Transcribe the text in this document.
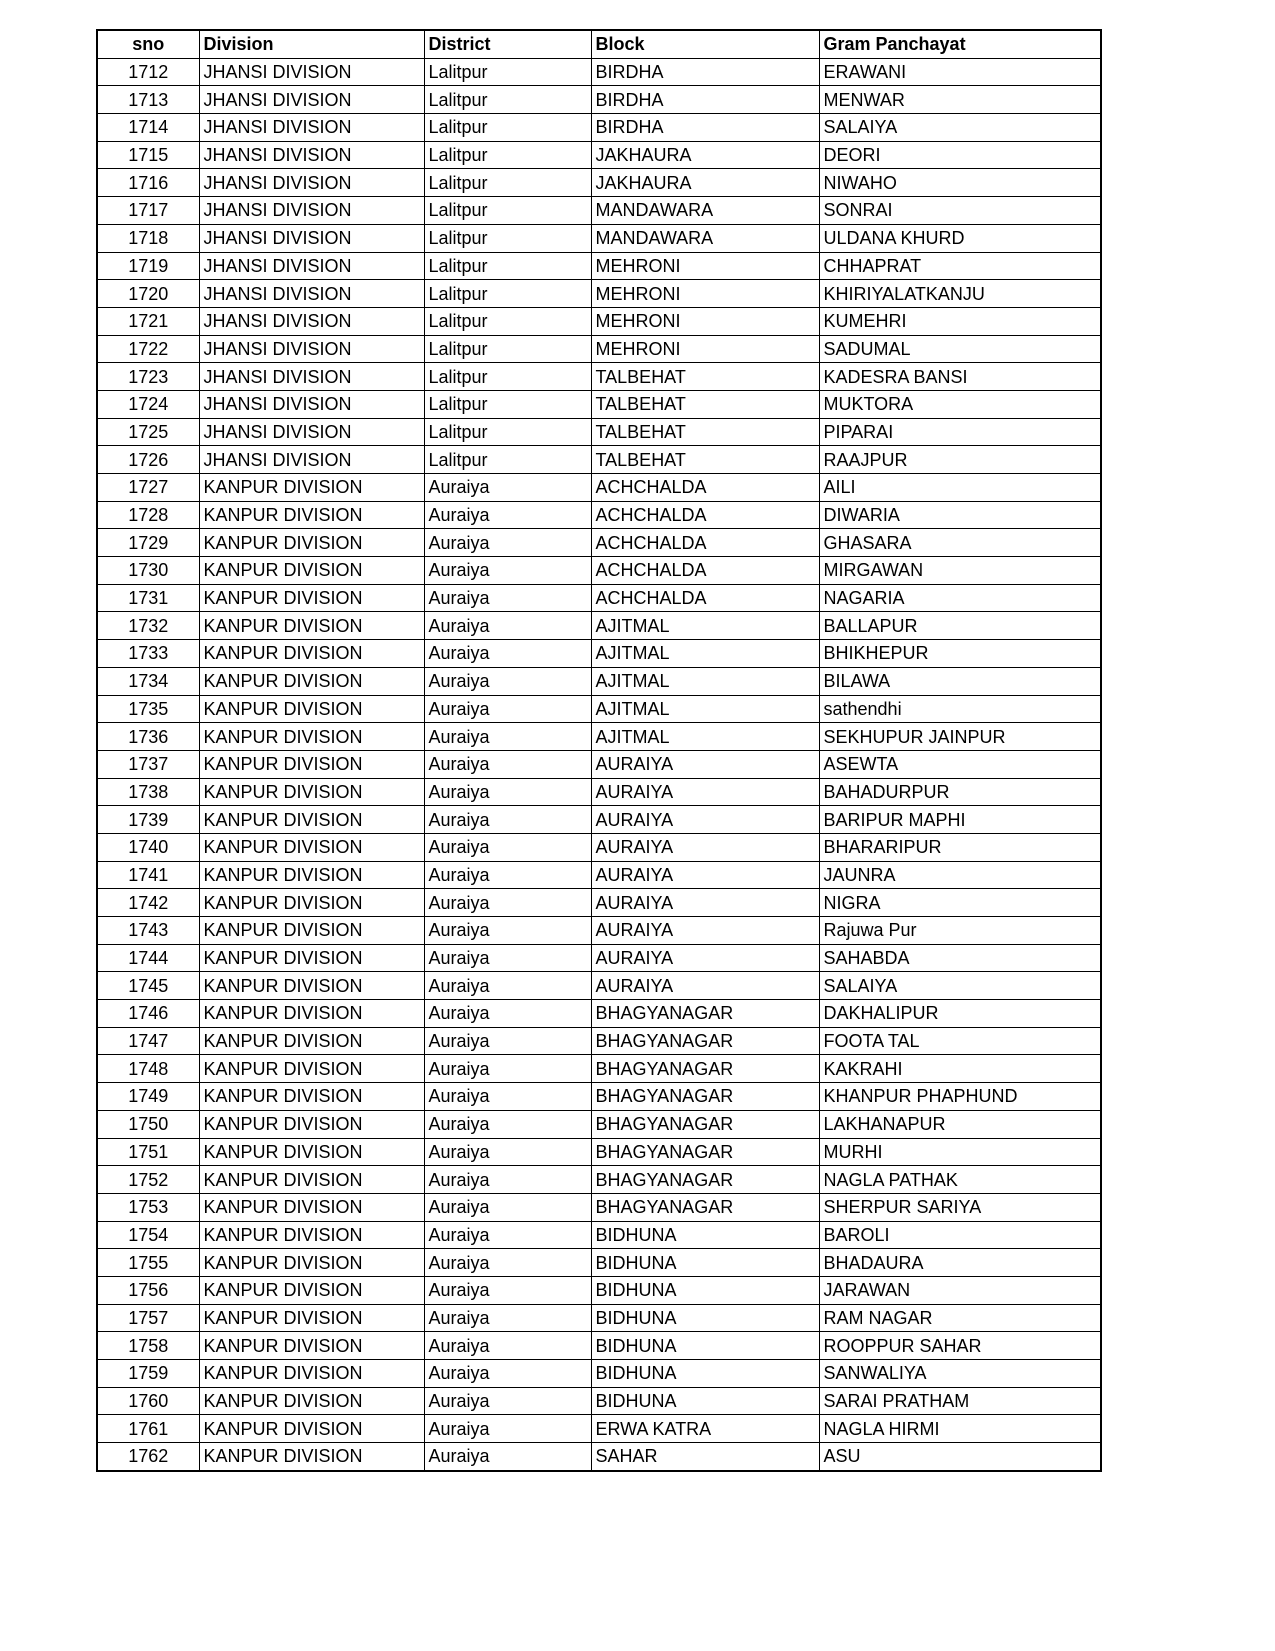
sno	Division	District	Block	Gram Panchayat
1712	JHANSI DIVISION	Lalitpur	BIRDHA	ERAWANI
1713	JHANSI DIVISION	Lalitpur	BIRDHA	MENWAR
1714	JHANSI DIVISION	Lalitpur	BIRDHA	SALAIYA
1715	JHANSI DIVISION	Lalitpur	JAKHAURA	DEORI
1716	JHANSI DIVISION	Lalitpur	JAKHAURA	NIWAHO
1717	JHANSI DIVISION	Lalitpur	MANDAWARA	SONRAI
1718	JHANSI DIVISION	Lalitpur	MANDAWARA	ULDANA KHURD
1719	JHANSI DIVISION	Lalitpur	MEHRONI	CHHAPRAT
1720	JHANSI DIVISION	Lalitpur	MEHRONI	KHIRIYALATKANJU
1721	JHANSI DIVISION	Lalitpur	MEHRONI	KUMEHRI
1722	JHANSI DIVISION	Lalitpur	MEHRONI	SADUMAL
1723	JHANSI DIVISION	Lalitpur	TALBEHAT	KADESRA BANSI
1724	JHANSI DIVISION	Lalitpur	TALBEHAT	MUKTORA
1725	JHANSI DIVISION	Lalitpur	TALBEHAT	PIPARAI
1726	JHANSI DIVISION	Lalitpur	TALBEHAT	RAAJPUR
1727	KANPUR DIVISION	Auraiya	ACHCHALDA	AILI
1728	KANPUR DIVISION	Auraiya	ACHCHALDA	DIWARIA
1729	KANPUR DIVISION	Auraiya	ACHCHALDA	GHASARA
1730	KANPUR DIVISION	Auraiya	ACHCHALDA	MIRGAWAN
1731	KANPUR DIVISION	Auraiya	ACHCHALDA	NAGARIA
1732	KANPUR DIVISION	Auraiya	AJITMAL	BALLAPUR
1733	KANPUR DIVISION	Auraiya	AJITMAL	BHIKHEPUR
1734	KANPUR DIVISION	Auraiya	AJITMAL	BILAWA
1735	KANPUR DIVISION	Auraiya	AJITMAL	sathendhi
1736	KANPUR DIVISION	Auraiya	AJITMAL	SEKHUPUR JAINPUR
1737	KANPUR DIVISION	Auraiya	AURAIYA	ASEWTA
1738	KANPUR DIVISION	Auraiya	AURAIYA	BAHADURPUR
1739	KANPUR DIVISION	Auraiya	AURAIYA	BARIPUR MAPHI
1740	KANPUR DIVISION	Auraiya	AURAIYA	BHARARIPUR
1741	KANPUR DIVISION	Auraiya	AURAIYA	JAUNRA
1742	KANPUR DIVISION	Auraiya	AURAIYA	NIGRA
1743	KANPUR DIVISION	Auraiya	AURAIYA	Rajuwa Pur
1744	KANPUR DIVISION	Auraiya	AURAIYA	SAHABDA
1745	KANPUR DIVISION	Auraiya	AURAIYA	SALAIYA
1746	KANPUR DIVISION	Auraiya	BHAGYANAGAR	DAKHALIPUR
1747	KANPUR DIVISION	Auraiya	BHAGYANAGAR	FOOTA TAL
1748	KANPUR DIVISION	Auraiya	BHAGYANAGAR	KAKRAHI
1749	KANPUR DIVISION	Auraiya	BHAGYANAGAR	KHANPUR PHAPHUND
1750	KANPUR DIVISION	Auraiya	BHAGYANAGAR	LAKHANAPUR
1751	KANPUR DIVISION	Auraiya	BHAGYANAGAR	MURHI
1752	KANPUR DIVISION	Auraiya	BHAGYANAGAR	NAGLA PATHAK
1753	KANPUR DIVISION	Auraiya	BHAGYANAGAR	SHERPUR SARIYA
1754	KANPUR DIVISION	Auraiya	BIDHUNA	BAROLI
1755	KANPUR DIVISION	Auraiya	BIDHUNA	BHADAURA
1756	KANPUR DIVISION	Auraiya	BIDHUNA	JARAWAN
1757	KANPUR DIVISION	Auraiya	BIDHUNA	RAM NAGAR
1758	KANPUR DIVISION	Auraiya	BIDHUNA	ROOPPUR SAHAR
1759	KANPUR DIVISION	Auraiya	BIDHUNA	SANWALIYA
1760	KANPUR DIVISION	Auraiya	BIDHUNA	SARAI PRATHAM
1761	KANPUR DIVISION	Auraiya	ERWA KATRA	NAGLA HIRMI
1762	KANPUR DIVISION	Auraiya	SAHAR	ASU
